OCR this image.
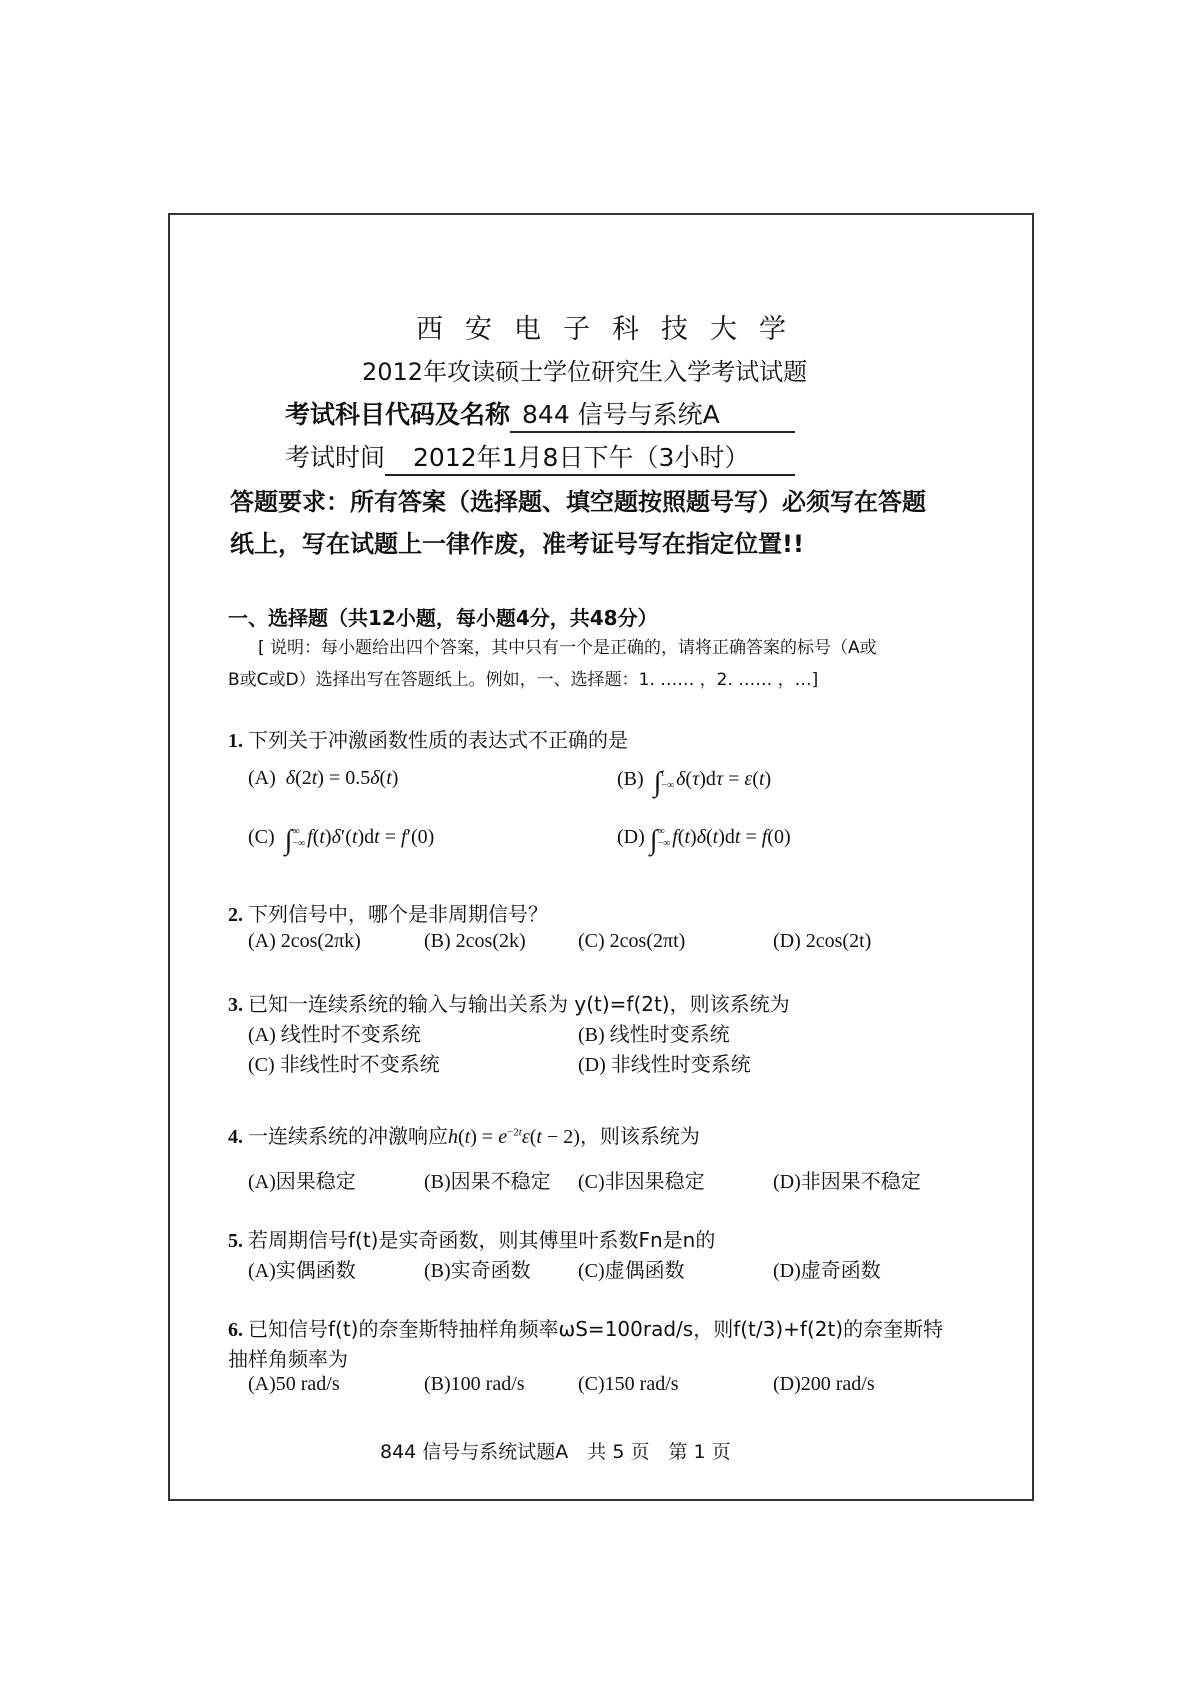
西安电子科技大学
2012年攻读硕士学位研究生入学考试试题
考试科目代码及名称 844 信号与系统A
考试时间 2012年1月8日下午（3小时）
答题要求：所有答案（选择题、填空题按照题号写）必须写在答题
纸上，写在试题上一律作废，准考证号写在指定位置!!
一、选择题（共12小题，每小题4分，共48分）
[ 说明：每小题给出四个答案，其中只有一个是正确的，请将正确答案的标号（A或
B或C或D）选择出写在答题纸上。例如，一、选择题：1. …… ，2. …… ，…]
1. 下列关于冲激函数性质的表达式不正确的是
(A) δ(2t) = 0.5δ(t)	(B) ∫t
−∞ δ(τ)dτ = ε(t)
(C) ∫∞
−∞ f(t)δ′(t)dt = f′(0)	(D) ∫∞
−∞ f(t)δ(t)dt = f(0)
2. 下列信号中，哪个是非周期信号？
(A) 2cos(2πk)	(B) 2cos(2k)	(C) 2cos(2πt)	(D) 2cos(2t)
3. 已知一连续系统的输入与输出关系为 y(t)=f(2t)，则该系统为
(A) 线性时不变系统	(B) 线性时变系统
(C) 非线性时不变系统	(D) 非线性时变系统
4. 一连续系统的冲激响应$h(t) = e^{-2t}\varepsilon(t - 2)$，则该系统为
(A)因果稳定	(B)因果不稳定 (C)非因果稳定	(D)非因果不稳定
5. 若周期信号f(t)是实奇函数，则其傅里叶系数Fn是n的
(A)实偶函数	(B)实奇函数 (C)虚偶函数	(D)虚奇函数
6. 已知信号f(t)的奈奎斯特抽样角频率ωS=100rad/s，则f(t/3)+f(2t)的奈奎斯特
抽样角频率为
(A)50 rad/s	(B)100 rad/s	(C)150 rad/s	(D)200 rad/s
844 信号与系统试题A　共 5 页　第 1 页
